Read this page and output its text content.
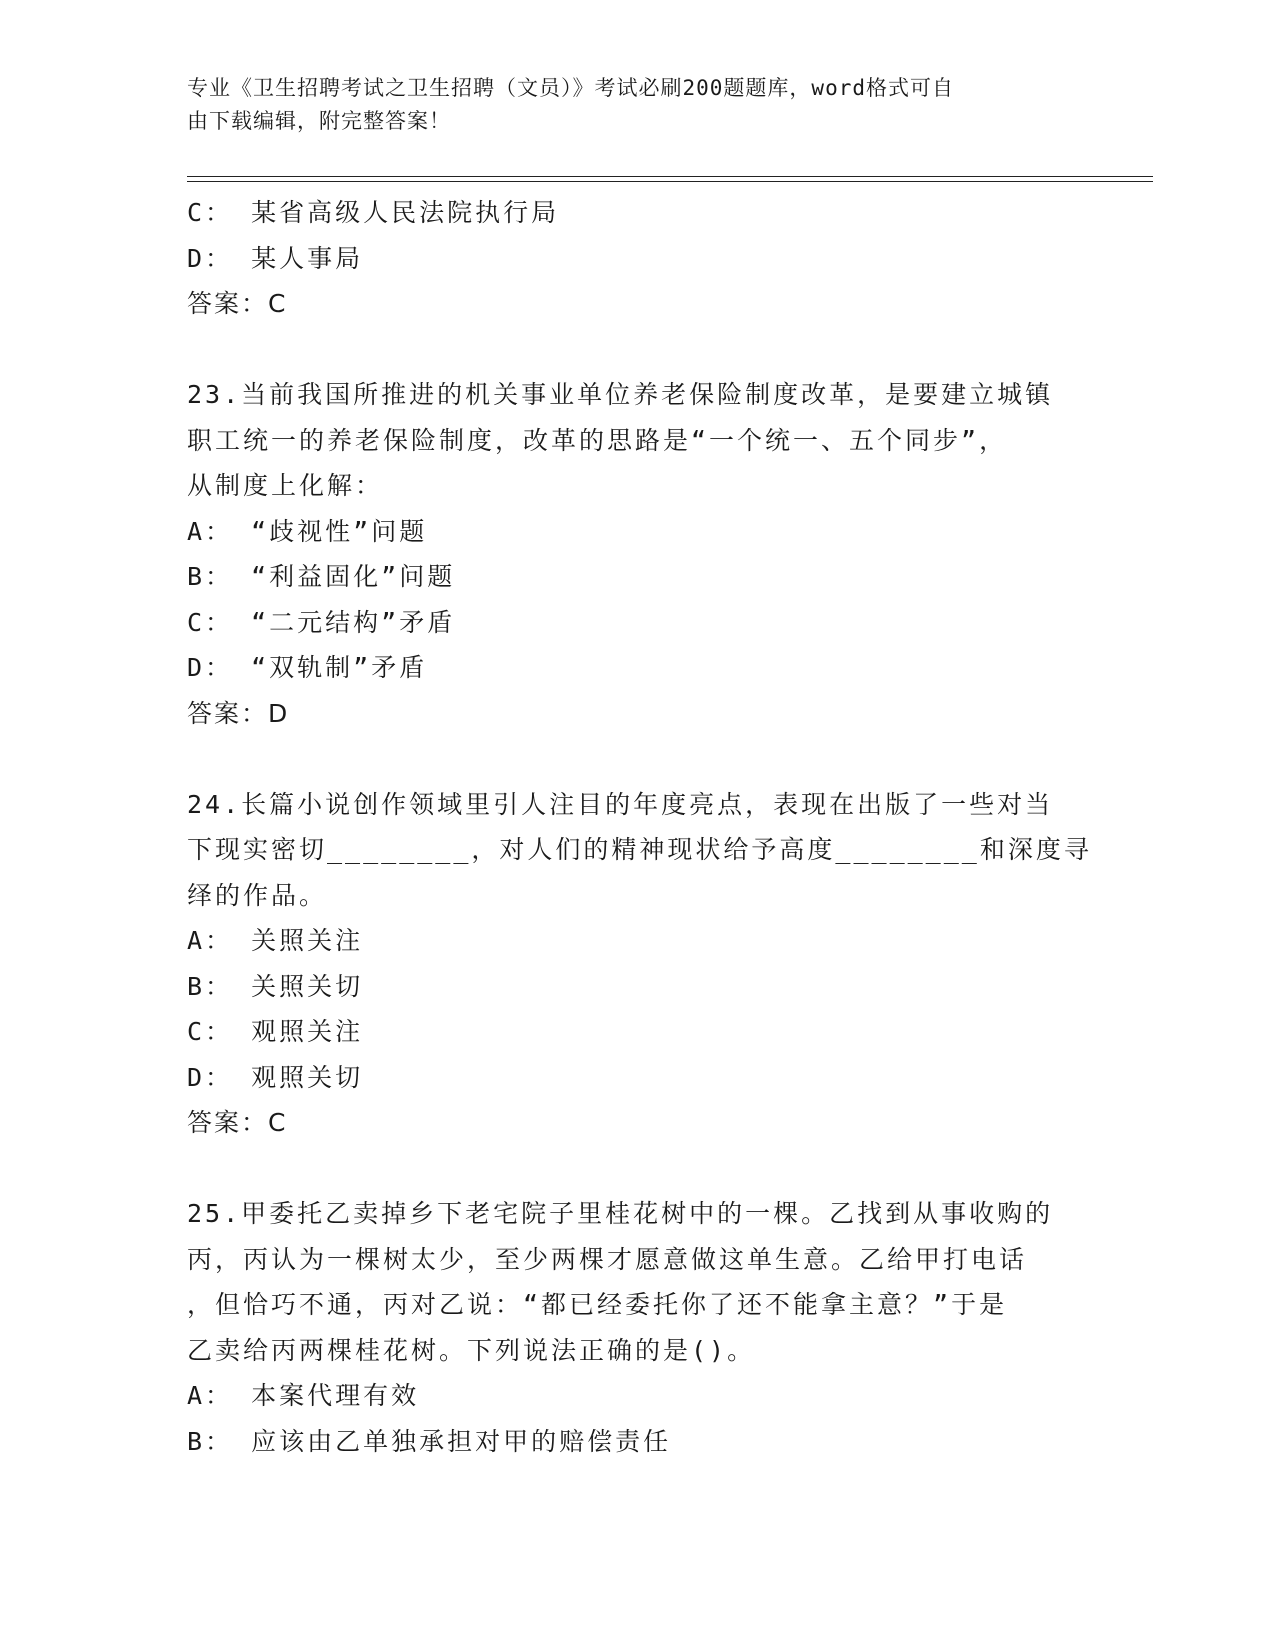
专业《卫生招聘考试之卫生招聘（文员）》考试必刷200题题库，word格式可自
由下载编辑，附完整答案！
C： 某省高级人民法院执行局
D： 某人事局
答案：C
23.当前我国所推进的机关事业单位养老保险制度改革，是要建立城镇
职工统一的养老保险制度，改革的思路是“一个统一、五个同步”，
从制度上化解：
A： “歧视性”问题
B： “利益固化”问题
C： “二元结构”矛盾
D： “双轨制”矛盾
答案：D
24.长篇小说创作领域里引人注目的年度亮点，表现在出版了一些对当
下现实密切________，对人们的精神现状给予高度________和深度寻
绎的作品。
A： 关照关注
B： 关照关切
C： 观照关注
D： 观照关切
答案：C
25.甲委托乙卖掉乡下老宅院子里桂花树中的一棵。乙找到从事收购的
丙，丙认为一棵树太少，至少两棵才愿意做这单生意。乙给甲打电话
，但恰巧不通，丙对乙说：“都已经委托你了还不能拿主意？”于是
乙卖给丙两棵桂花树。下列说法正确的是()。
A： 本案代理有效
B： 应该由乙单独承担对甲的赔偿责任
